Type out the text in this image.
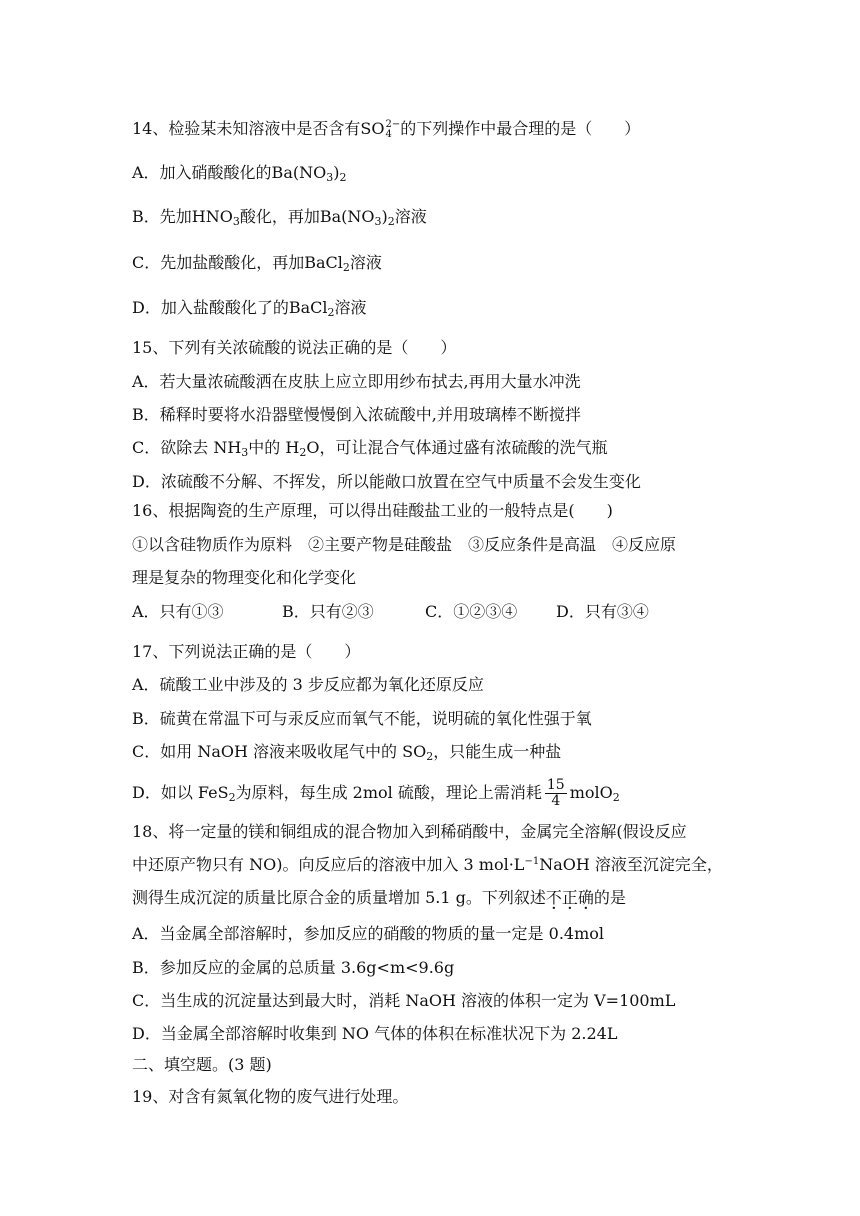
14、检验某未知溶液中是否含有SO 2−
4 的下列操作中最合理的是（　　）
A．加入硝酸酸化的$Ba(NO_3)_2$
B．先加$HNO_3$酸化，再加$Ba(NO_3)_2$溶液
C．先加盐酸酸化，再加BaCl$_2$溶液
D．加入盐酸酸化了的BaCl$_2$溶液
15、下列有关浓硫酸的说法正确的是（　　）
A．若大量浓硫酸洒在皮肤上应立即用纱布拭去,再用大量水冲洗
B．稀释时要将水沿器壁慢慢倒入浓硫酸中,并用玻璃棒不断搅拌
C．欲除去 $NH_3$中的 $H_2O$，可让混合气体通过盛有浓硫酸的洗气瓶
D．浓硫酸不分解、不挥发，所以能敞口放置在空气中质量不会发生变化
16、根据陶瓷的生产原理，可以得出硅酸盐工业的一般特点是(　　)
①以含硅物质作为原料　②主要产物是硅酸盐　③反应条件是高温　④反应原
理是复杂的物理变化和化学变化
A．只有①③	B．只有②③	C．①②③④ D．只有③④
17、下列说法正确的是（　　）
A．硫酸工业中涉及的 3 步反应都为氧化还原反应
B．硫黄在常温下可与汞反应而氧气不能，说明硫的氧化性强于氧
C．如用 NaOH 溶液来吸收尾气中的 $SO_2$，只能生成一种盐
D．如以 FeS$_2$为原料，每生成 2mol 硫酸，理论上需消耗 $\frac{15}{4}$ molO$_2$
18、将一定量的镁和铜组成的混合物加入到稀硝酸中，金属完全溶解(假设反应
中还原产物只有 NO)。向反应后的溶液中加入 3 $mol\cdot L^{-1}NaOH$ 溶液至沉淀完全，
测得生成沉淀的质量比原合金的质量增加 5.1 g。下列叙述不正确的是
A．当金属全部溶解时，参加反应的硝酸的物质的量一定是 0.4mol
B．参加反应的金属的总质量 3.6g<m<9.6g
C．当生成的沉淀量达到最大时，消耗 NaOH 溶液的体积一定为 V=100mL
D．当金属全部溶解时收集到 NO 气体的体积在标准状况下为 2.24L
二、填空题。(3 题)
19、对含有氮氧化物的废气进行处理。
